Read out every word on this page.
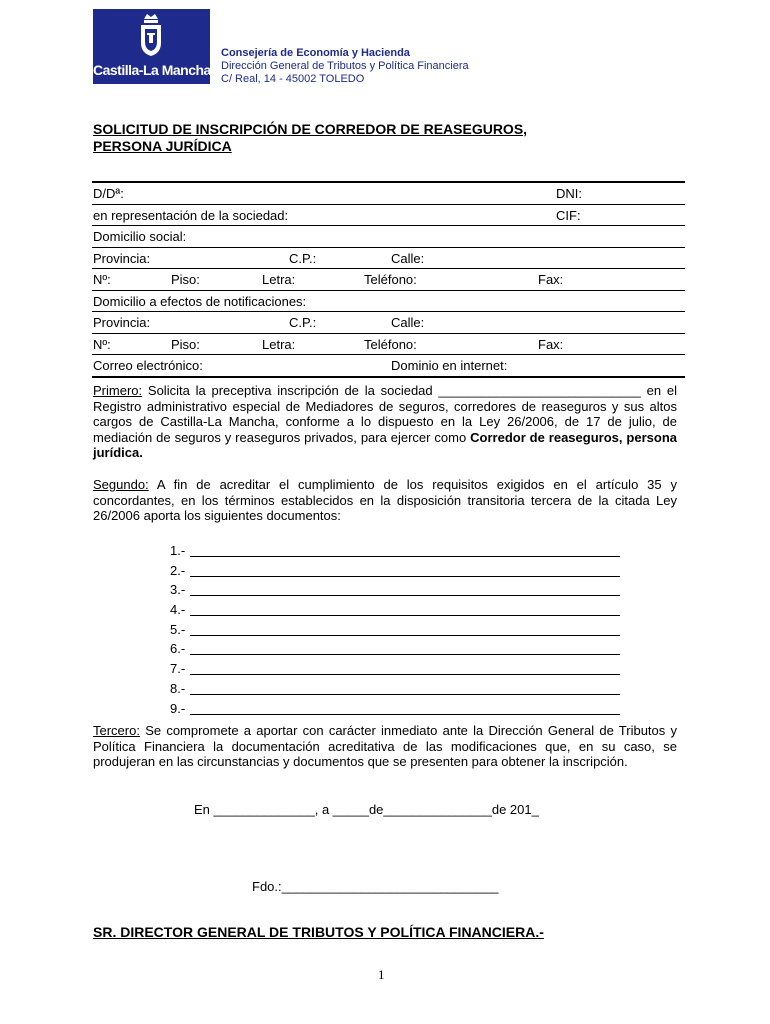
Castilla-La Mancha
Consejería de Economía y Hacienda
Dirección General de Tributos y Política Financiera
C/ Real, 14 - 45002 TOLEDO
SOLICITUD DE INSCRIPCIÓN DE CORREDOR DE REASEGUROS,
PERSONA JURÍDICA
D/Dª:	DNI:
en representación de la sociedad:	CIF:
Domicilio social:
Provincia:	C.P.:	Calle:
Nº:	Piso:	Letra:	Teléfono:	Fax:
Domicilio a efectos de notificaciones:
Provincia:	C.P.:	Calle:
Nº:	Piso:	Letra:	Teléfono:	Fax:
Correo electrónico:	Dominio en internet:
Primero: Solicita la preceptiva inscripción de la sociedad ____________________________ en el Registro administrativo especial de Mediadores de seguros, corredores de reaseguros y sus altos cargos de Castilla-La Mancha, conforme a lo dispuesto en la Ley 26/2006, de 17 de julio, de mediación de seguros y reaseguros privados, para ejercer como Corredor de reaseguros, persona jurídica.
Segundo: A fin de acreditar el cumplimiento de los requisitos exigidos en el artículo 35 y concordantes, en los términos establecidos en la disposición transitoria tercera de la citada Ley 26/2006 aporta los siguientes documentos:
1.-
2.-
3.-
4.-
5.-
6.-
7.-
8.-
9.-
Tercero: Se compromete a aportar con carácter inmediato ante la Dirección General de Tributos y Política Financiera la documentación acreditativa de las modificaciones que, en su caso, se produjeran en las circunstancias y documentos que se presenten para obtener la inscripción.
En ______________, a _____de_______________de 201_
Fdo.:______________________________
SR. DIRECTOR GENERAL DE TRIBUTOS Y POLÍTICA FINANCIERA.-
1
